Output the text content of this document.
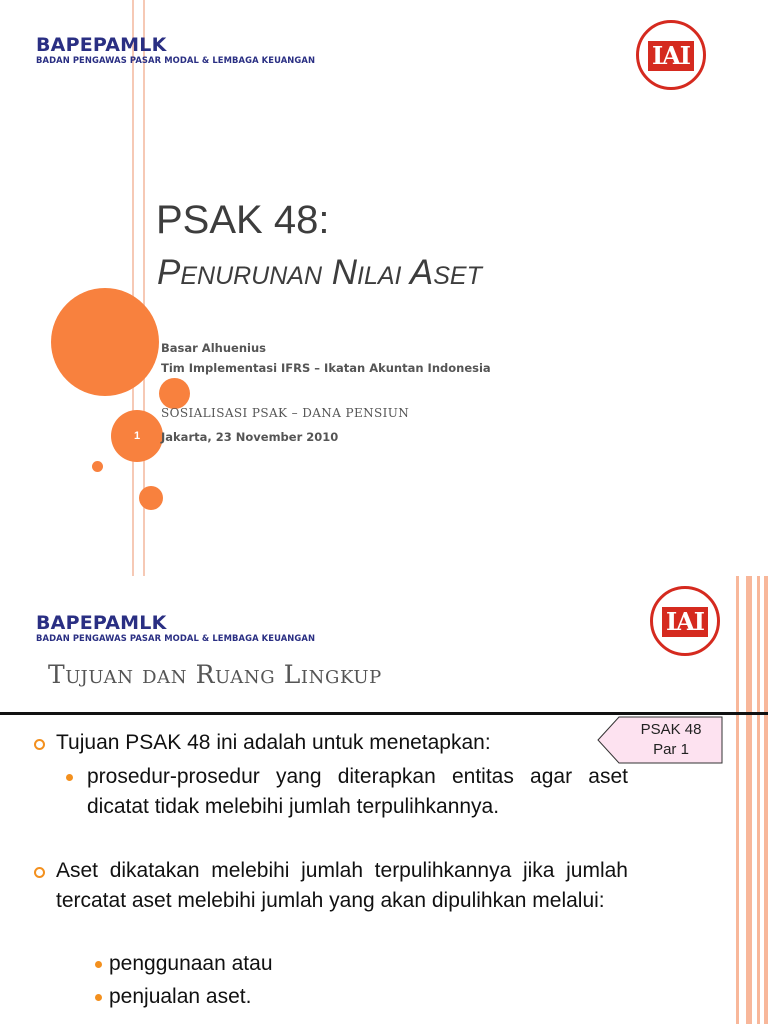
BAPEPAMLK
BADAN PENGAWAS PASAR MODAL & LEMBAGA KEUANGAN	IAI
1
PSAK 48:
Penurunan Nilai Aset
Basar Alhuenius
Tim Implementasi IFRS – Ikatan Akuntan Indonesia
SOSIALISASI PSAK – DANA PENSIUN
Jakarta, 23 November 2010
BAPEPAMLK
BADAN PENGAWAS PASAR MODAL & LEMBAGA KEUANGAN
IAI
Tujuan dan Ruang Lingkup
PSAK 48
Par 1
Tujuan PSAK 48 ini adalah untuk menetapkan:
prosedur-prosedur yang diterapkan entitas agar aset dicatat tidak melebihi jumlah terpulihkannya.
Aset dikatakan melebihi jumlah terpulihkannya jika jumlah tercatat aset melebihi jumlah yang akan dipulihkan melalui:
penggunaan atau
penjualan aset.
